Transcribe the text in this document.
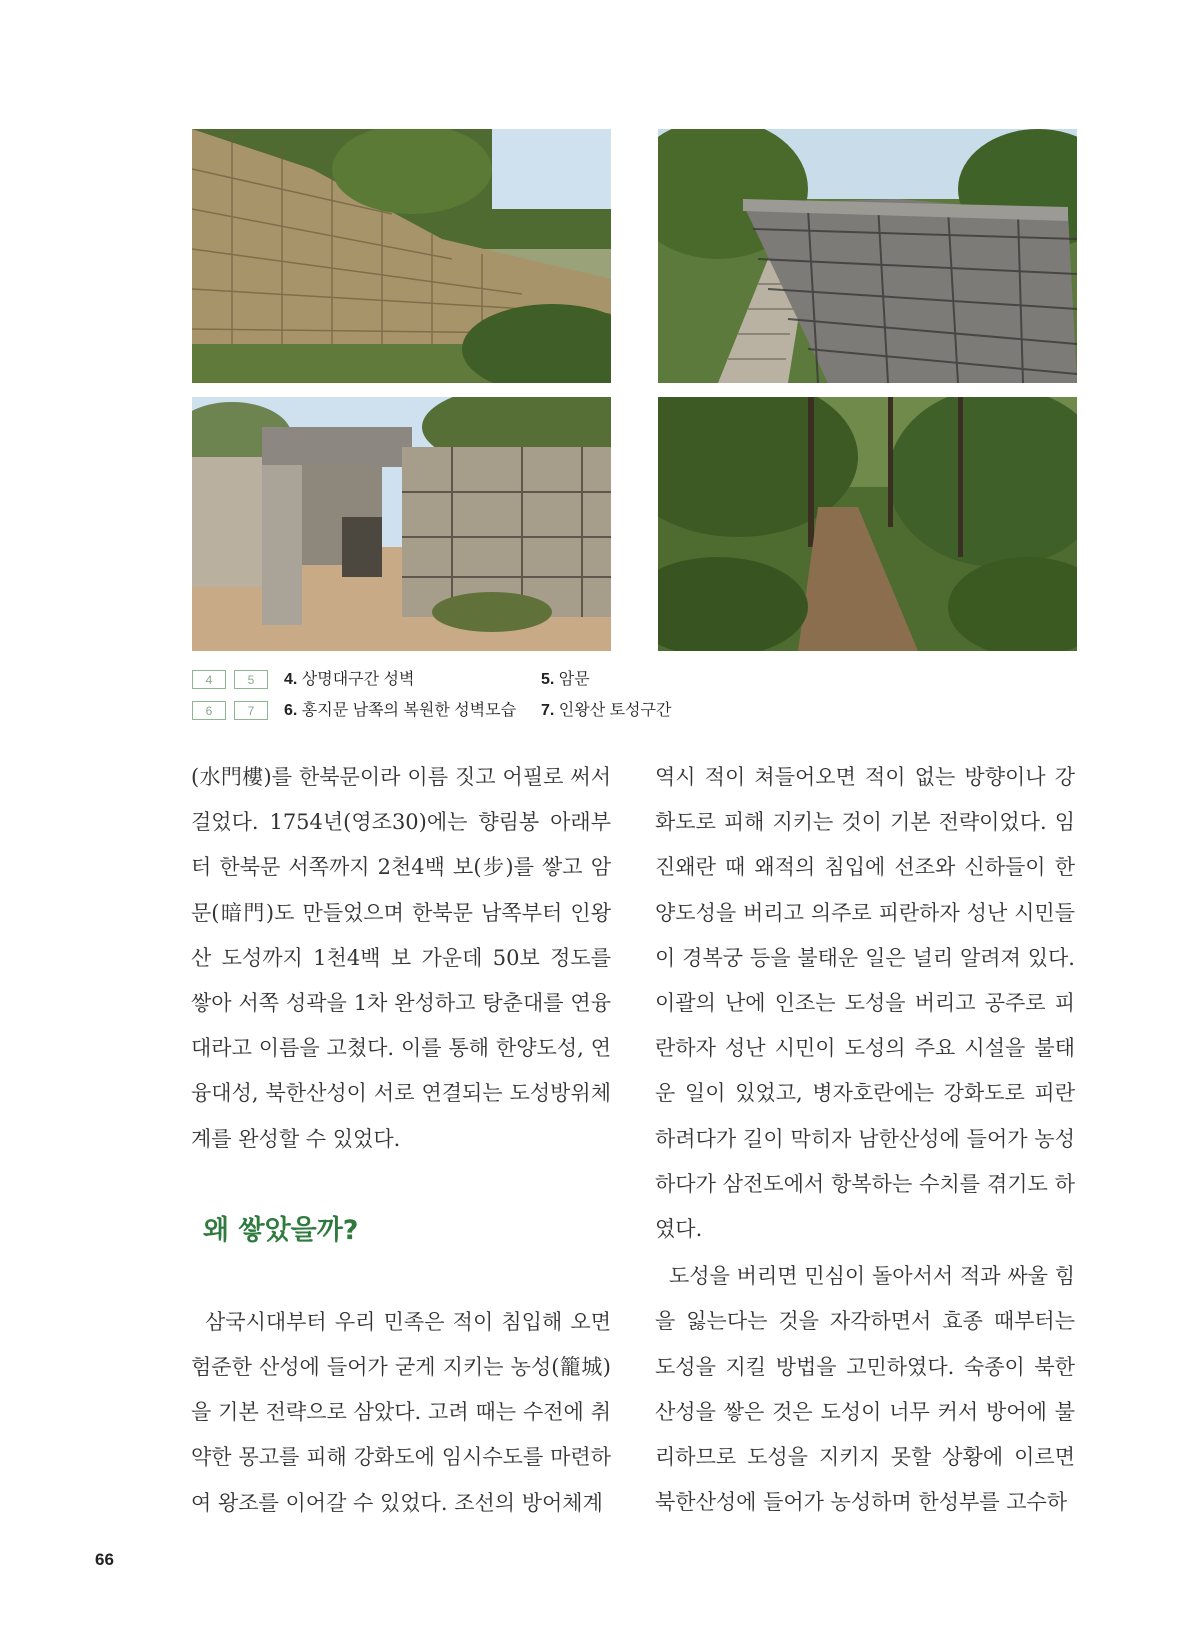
4	5	4. 상명대구간 성벽	5. 암문
6	7	6. 홍지문 남쪽의 복원한 성벽모습 7. 인왕산 토성구간

(水門樓)를 한북문이라 이름 짓고 어필로 써서 걸었다. 1754년(영조30)에는 향림봉 아래부터 한북문 서쪽까지 2천4백 보(步)를 쌓고 암문(暗門)도 만들었으며 한북문 남쪽부터 인왕산 도성까지 1천4백 보 가운데 50보 정도를 쌓아 서쪽 성곽을 1차 완성하고 탕춘대를 연융대라고 이름을 고쳤다. 이를 통해 한양도성, 연융대성, 북한산성이 서로 연결되는 도성방위체계를 완성할 수 있었다.

왜 쌓았을까?

삼국시대부터 우리 민족은 적이 침입해 오면 험준한 산성에 들어가 굳게 지키는 농성(籠城)을 기본 전략으로 삼았다. 고려 때는 수전에 취약한 몽고를 피해 강화도에 임시수도를 마련하여 왕조를 이어갈 수 있었다. 조선의 방어체계

역시 적이 쳐들어오면 적이 없는 방향이나 강화도로 피해 지키는 것이 기본 전략이었다. 임진왜란 때 왜적의 침입에 선조와 신하들이 한양도성을 버리고 의주로 피란하자 성난 시민들이 경복궁 등을 불태운 일은 널리 알려져 있다. 이괄의 난에 인조는 도성을 버리고 공주로 피란하자 성난 시민이 도성의 주요 시설을 불태운 일이 있었고, 병자호란에는 강화도로 피란하려다가 길이 막히자 남한산성에 들어가 농성하다가 삼전도에서 항복하는 수치를 겪기도 하였다.

도성을 버리면 민심이 돌아서서 적과 싸울 힘을 잃는다는 것을 자각하면서 효종 때부터는 도성을 지킬 방법을 고민하였다. 숙종이 북한산성을 쌓은 것은 도성이 너무 커서 방어에 불리하므로 도성을 지키지 못할 상황에 이르면 북한산성에 들어가 농성하며 한성부를 고수하

66
